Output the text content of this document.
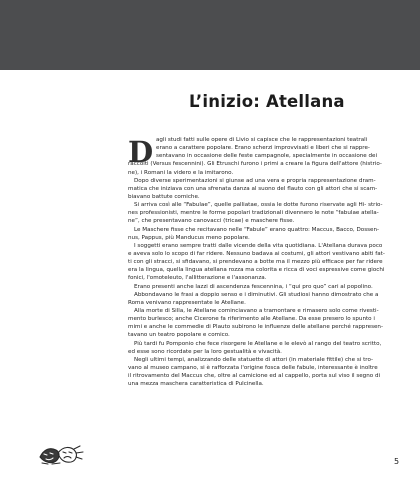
L’inizio: Atellana
D agli studi fatti sulle opere di Livio si capisce che le rappresentazioni teatrali
erano a carattere popolare. Erano scherzi improvvisati e liberi che si rappre-
sentavano in occasione delle feste campagnole, specialmente in occasione dei
raccolti (Versus fescennini). Gli Etruschi furono i primi a creare la figura dell'attore (histrio-
ne), i Romani la videro e la imitarono.
Dopo diverse sperimentazioni si giunse ad una vera e propria rappresentazione dram-
matica che iniziava con una sfrenata danza al suono del flauto con gli attori che si scam-
biavano battute comiche.
Si arriva così alle “Fabulae”, quelle palliatae, ossia le dotte furono riservate agli Hi- strio-
nes professionisti, mentre le forme popolari tradizionali divennero le note “fabulae atella-
ne”, che presentavano canovacci (tricae) e maschere fisse.
Le Maschere fisse che recitavano nelle “Fabule” erano quattro: Maccus, Bacco, Dossen-
nus, Pappus, più Manducus meno popolare.
I soggetti erano sempre tratti dalle vicende della vita quotidiana. L'Atellana durava poco
e aveva solo lo scopo di far ridere. Nessuno badava ai costumi, gli attori vestivano abiti fat-
ti con gli stracci, si sfidavano, si prendevano a botte ma il mezzo più efficace per far ridere
era la lingua, quella lingua atellana rozza ma colorita e ricca di voci espressive come giochi
fonici, l'omoteleuto, l'allitterazione e l'assonanza.
Erano presenti anche lazzi di ascendenza fescennina, i “qui pro quo” cari al popolino.
Abbondavano le frasi a doppio senso e i diminutivi. Gli studiosi hanno dimostrato che a
Roma venivano rappresentate le Atellane.
Alla morte di Silla, le Atellane cominciavano a tramontare e rimasero solo come rivesti-
mento burlesco; anche Cicerone fa riferimento alle Atellane. Da esse presero lo spunto i
mimi e anche le commedie di Plauto subirono le influenze delle atellane perché rappresen-
tavano un teatro popolare e comico.
Più tardi fu Pomponio che fece risorgere le Atellane e le elevò al rango del teatro scritto,
ed esse sono ricordate per la loro gestualità e vivacità.
Negli ultimi tempi, analizzando delle statuette di attori (in materiale fittile) che si tro-
vano al museo campano, si è rafforzata l'origine fosca delle fabule, interessante è inoltre
il ritrovamento del Maccus che, oltre al camicione ed al cappello, porta sul viso il segno di
una mezza maschera caratteristica di Pulcinella.
5
